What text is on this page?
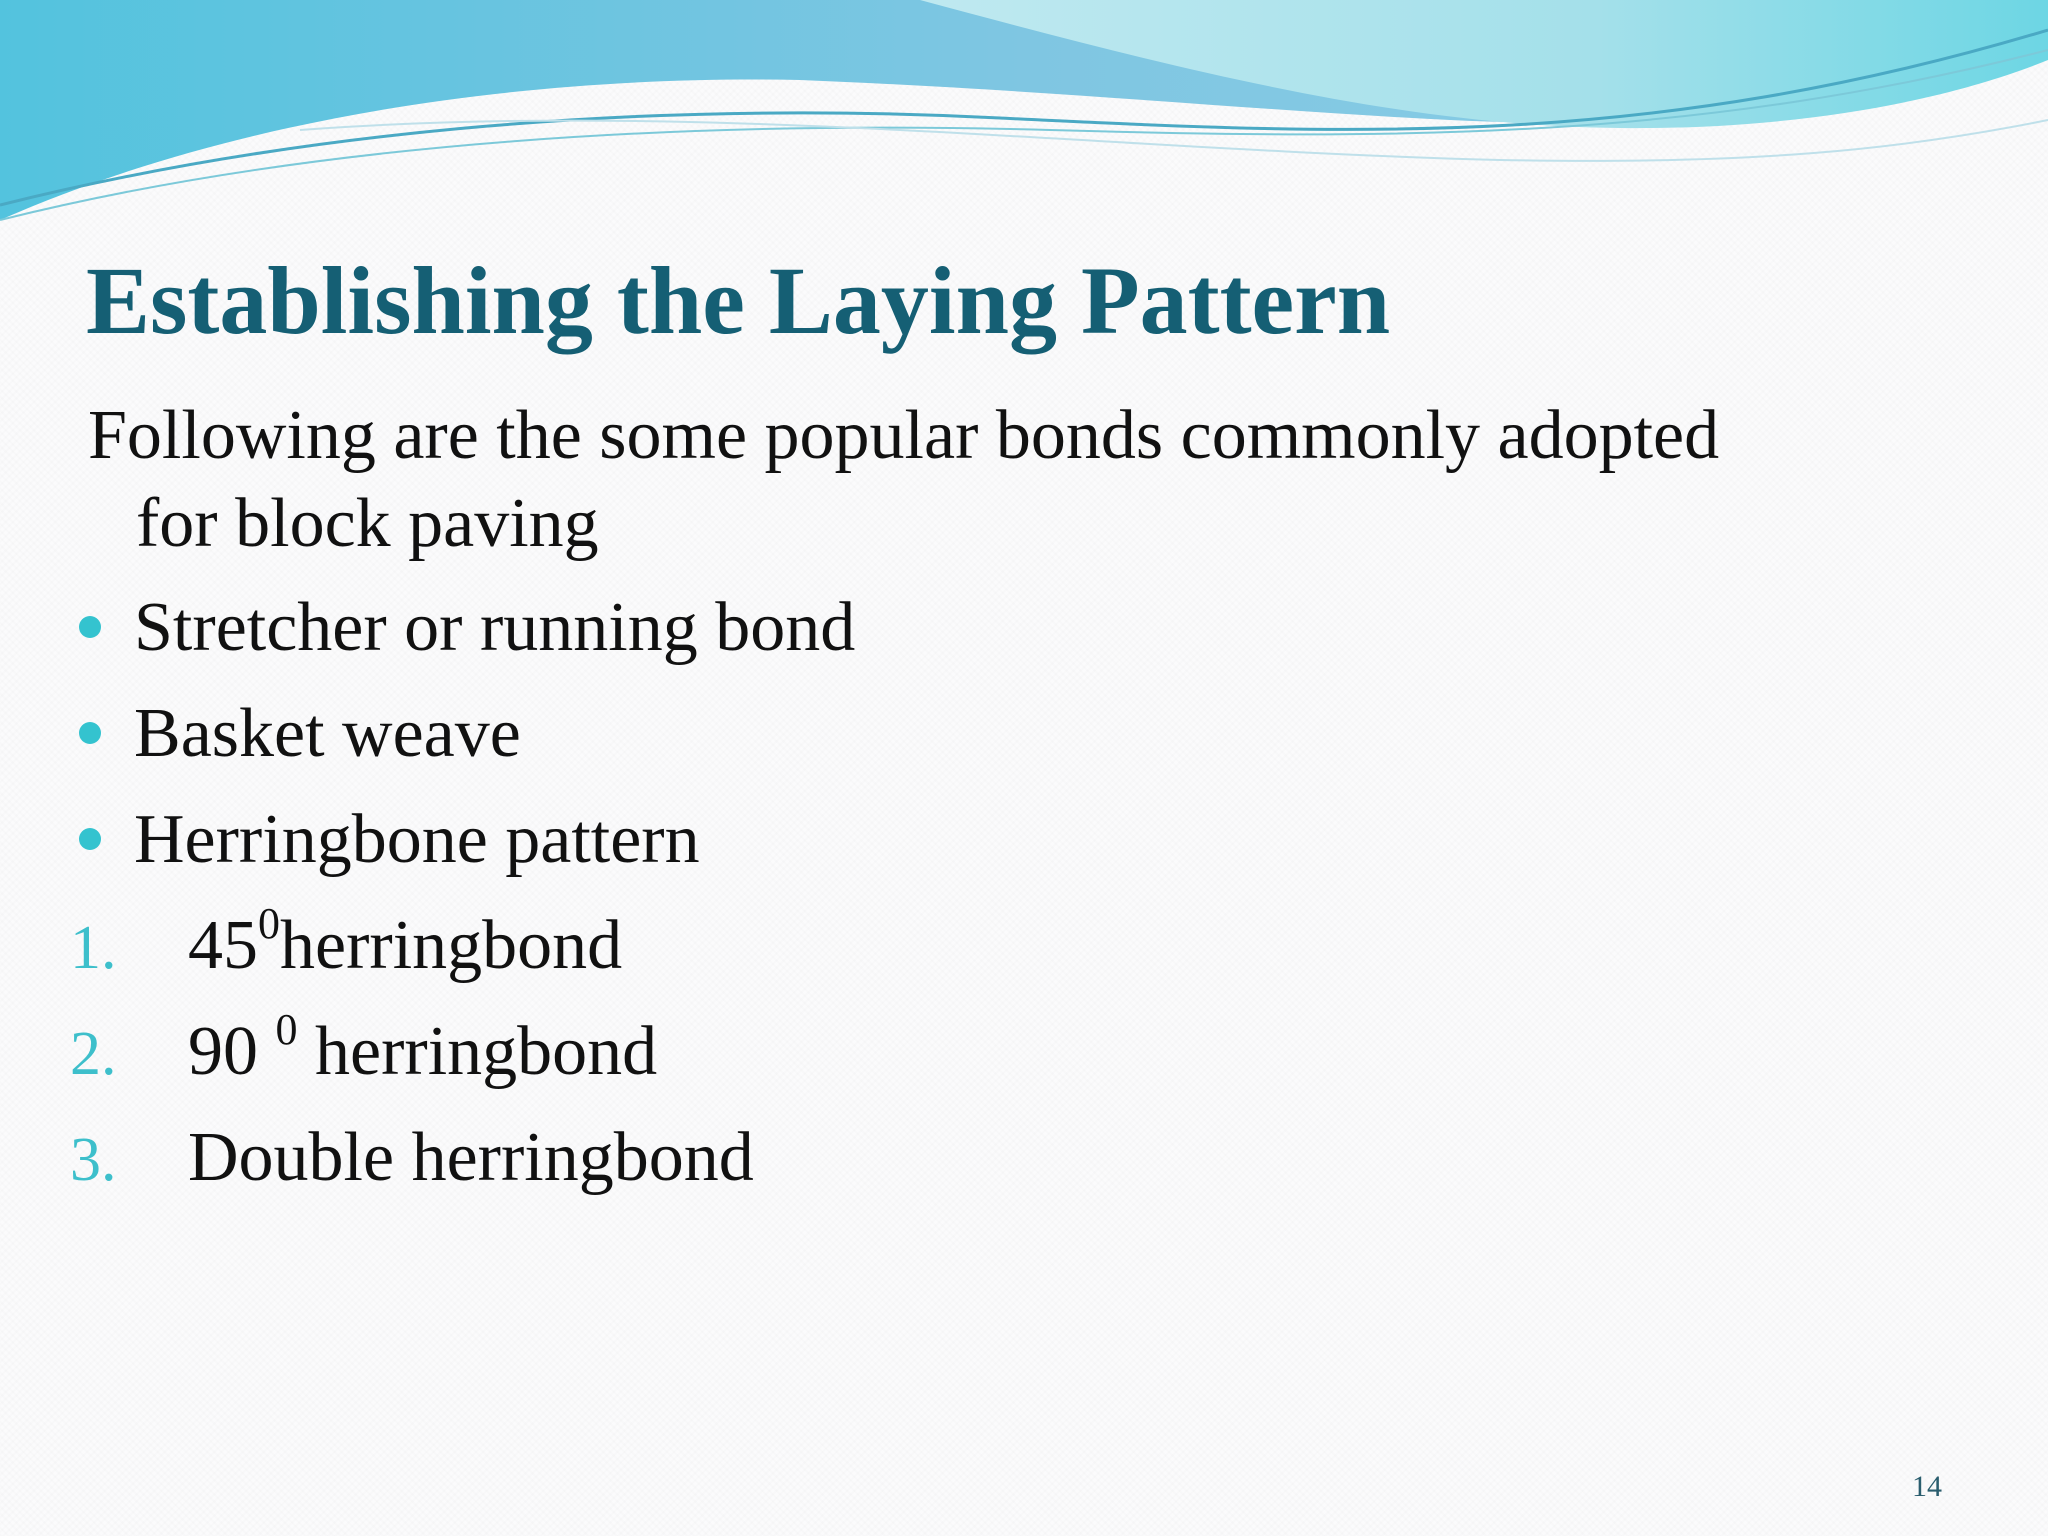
Establishing the Laying Pattern
Following are the some popular bonds commonly adopted
for block paving
Stretcher or running bond
Basket weave
Herringbone pattern
1. $45^0herringbond$
2. 90 $^0$ herringbond
3. Double herringbond
14
